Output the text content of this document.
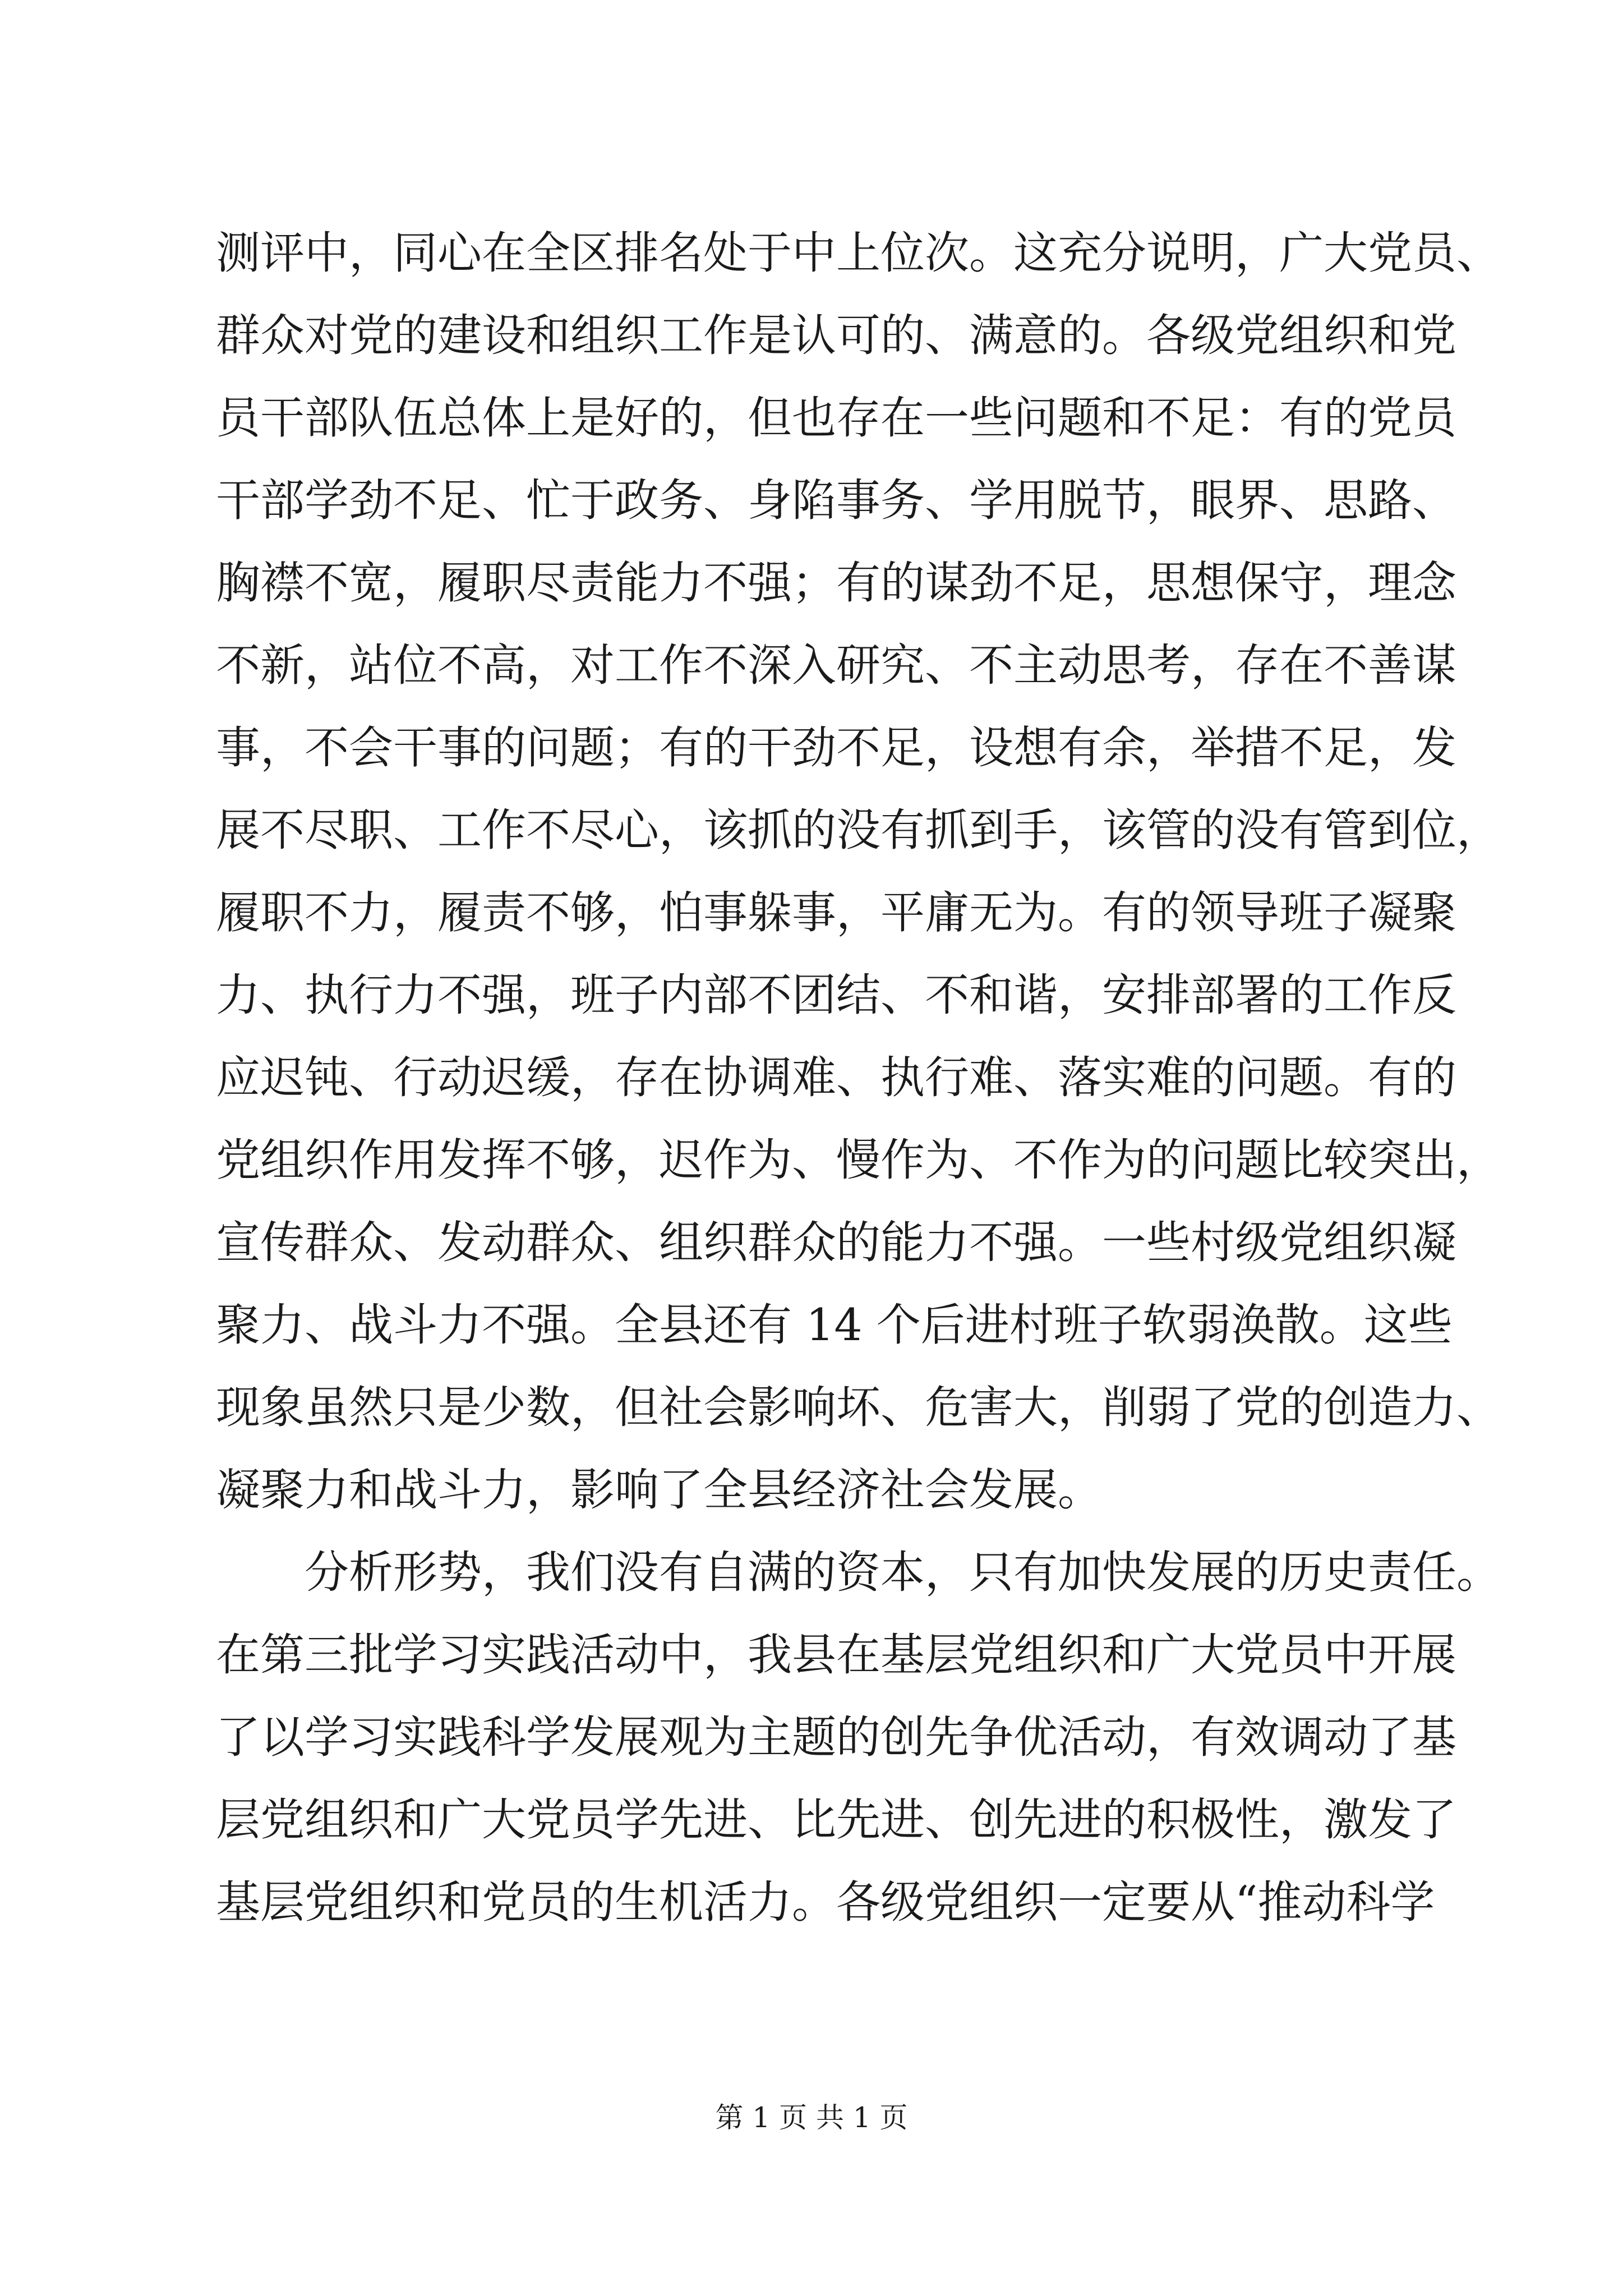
测评中，同心在全区排名处于中上位次。这充分说明，广大党员、
群众对党的建设和组织工作是认可的、满意的。各级党组织和党
员干部队伍总体上是好的，但也存在一些问题和不足：有的党员
干部学劲不足、忙于政务、身陷事务、学用脱节，眼界、思路、
胸襟不宽，履职尽责能力不强；有的谋劲不足，思想保守，理念
不新，站位不高，对工作不深入研究、不主动思考，存在不善谋
事，不会干事的问题；有的干劲不足，设想有余，举措不足，发
展不尽职、工作不尽心，该抓的没有抓到手，该管的没有管到位，
履职不力，履责不够，怕事躲事，平庸无为。有的领导班子凝聚
力、执行力不强，班子内部不团结、不和谐，安排部署的工作反
应迟钝、行动迟缓，存在协调难、执行难、落实难的问题。有的
党组织作用发挥不够，迟作为、慢作为、不作为的问题比较突出，
宣传群众、发动群众、组织群众的能力不强。一些村级党组织凝
聚力、战斗力不强。全县还有 14 个后进村班子软弱涣散。这些
现象虽然只是少数，但社会影响坏、危害大，削弱了党的创造力、
凝聚力和战斗力，影响了全县经济社会发展。
分析形势，我们没有自满的资本，只有加快发展的历史责任。
在第三批学习实践活动中，我县在基层党组织和广大党员中开展
了以学习实践科学发展观为主题的创先争优活动，有效调动了基
层党组织和广大党员学先进、比先进、创先进的积极性，激发了
基层党组织和党员的生机活力。各级党组织一定要从“推动科学
第 1 页 共 1 页
